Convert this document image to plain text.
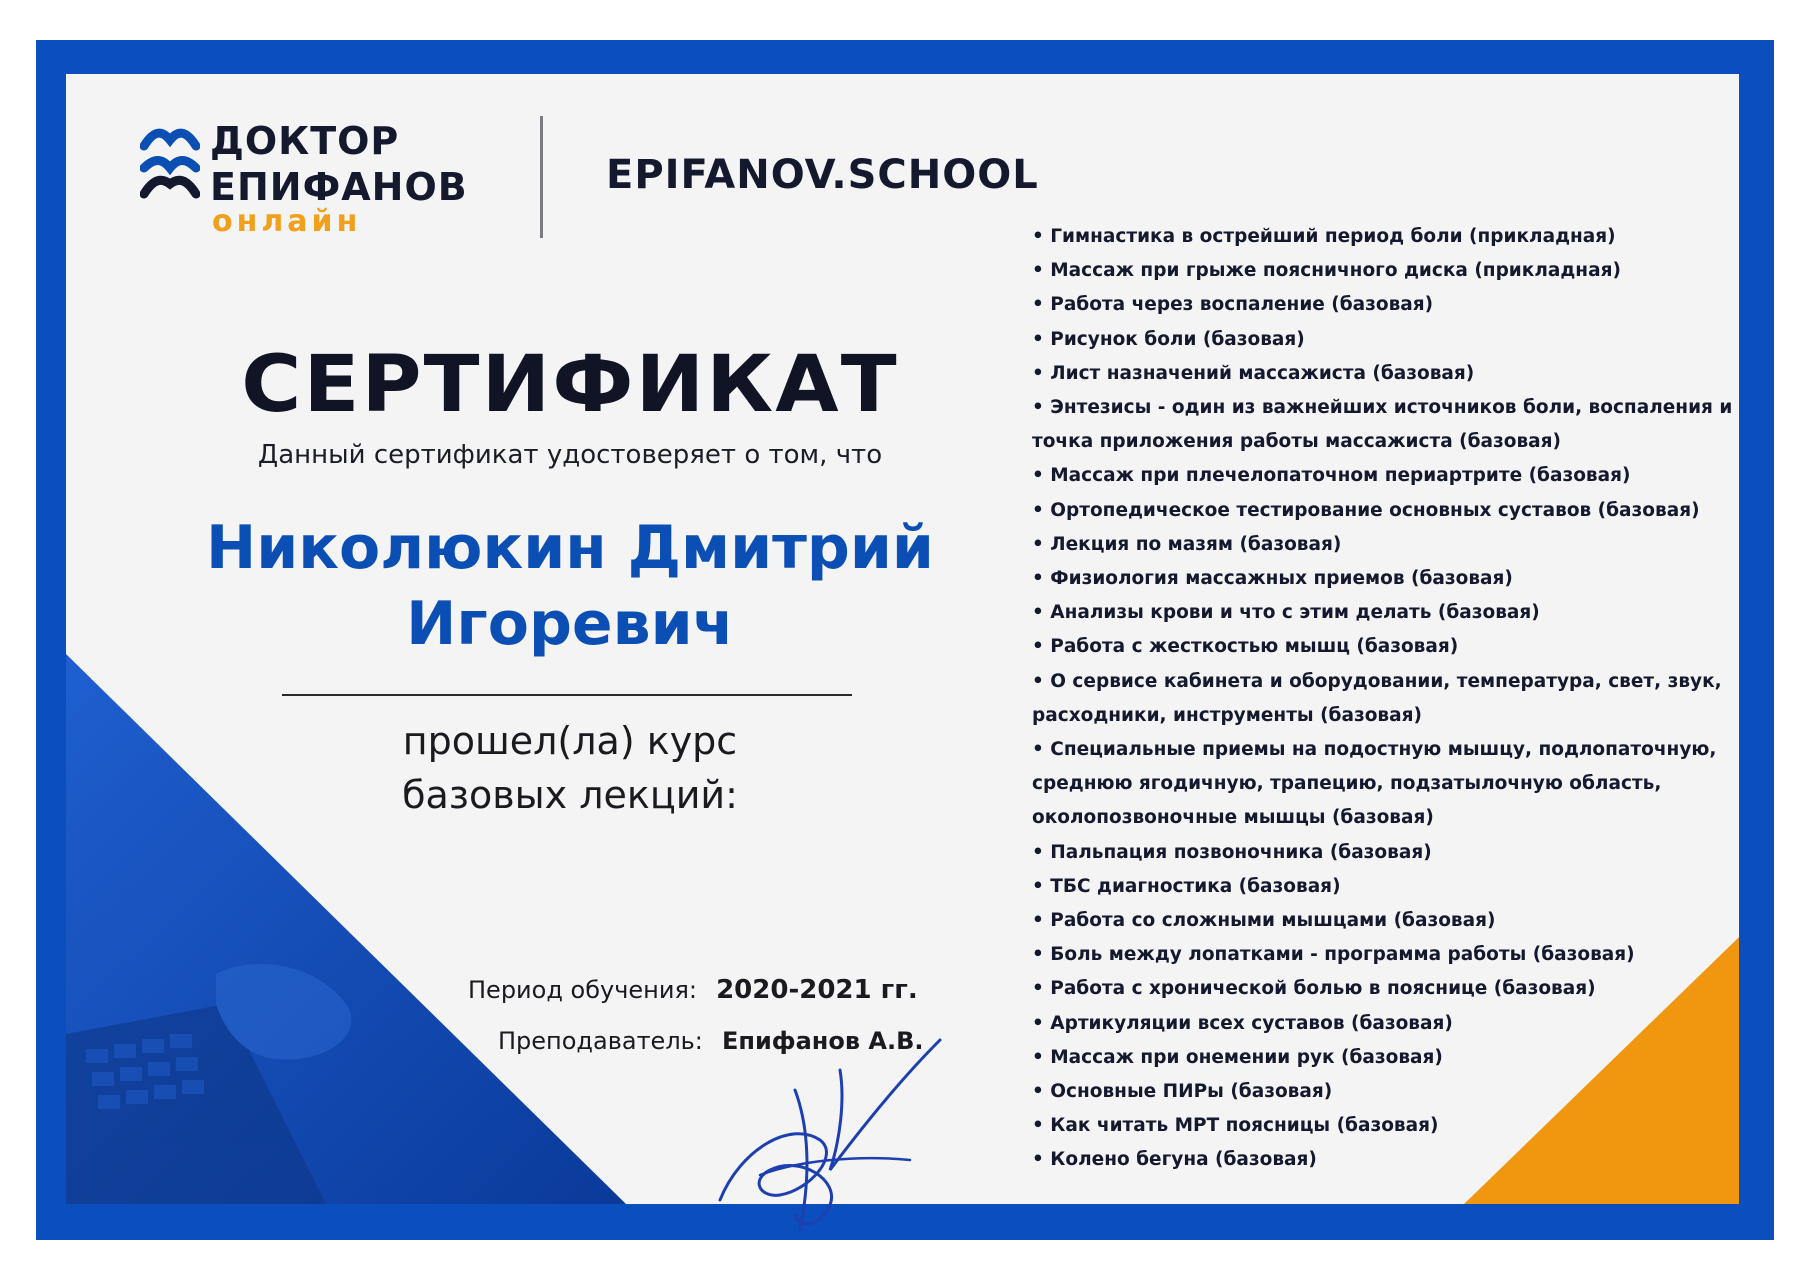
ДОКТОР
ЕПИФАНОВ
онлайн
EPIFANOV.SCHOOL
СЕРТИФИКАТ
Данный сертификат удостоверяет о том, что
Николюкин Дмитрий
Игоревич
прошел(ла) курс
базовых лекций:
Период обучения: 2020-2021 гг.
Преподаватель: Епифанов А.В.
• Гимнастика в острейший период боли (прикладная)
• Массаж при грыже поясничного диска (прикладная)
• Работа через воспаление (базовая)
• Рисунок боли (базовая)
• Лист назначений массажиста (базовая)
• Энтезисы - один из важнейших источников боли, воспаления и точка приложения работы массажиста (базовая)
• Массаж при плечелопаточном периартрите (базовая)
• Ортопедическое тестирование основных суставов (базовая)
• Лекция по мазям (базовая)
• Физиология массажных приемов (базовая)
• Анализы крови и что с этим делать (базовая)
• Работа с жесткостью мышц (базовая)
• О сервисе кабинета и оборудовании, температура, свет, звук, расходники, инструменты (базовая)
• Специальные приемы на подостную мышцу, подлопаточную, среднюю ягодичную, трапецию, подзатылочную область, околопозвоночные мышцы (базовая)
• Пальпация позвоночника (базовая)
• ТБС диагностика (базовая)
• Работа со сложными мышцами (базовая)
• Боль между лопатками - программа работы (базовая)
• Работа с хронической болью в пояснице (базовая)
• Артикуляции всех суставов (базовая)
• Массаж при онемении рук (базовая)
• Основные ПИРы (базовая)
• Как читать МРТ поясницы (базовая)
• Колено бегуна (базовая)
